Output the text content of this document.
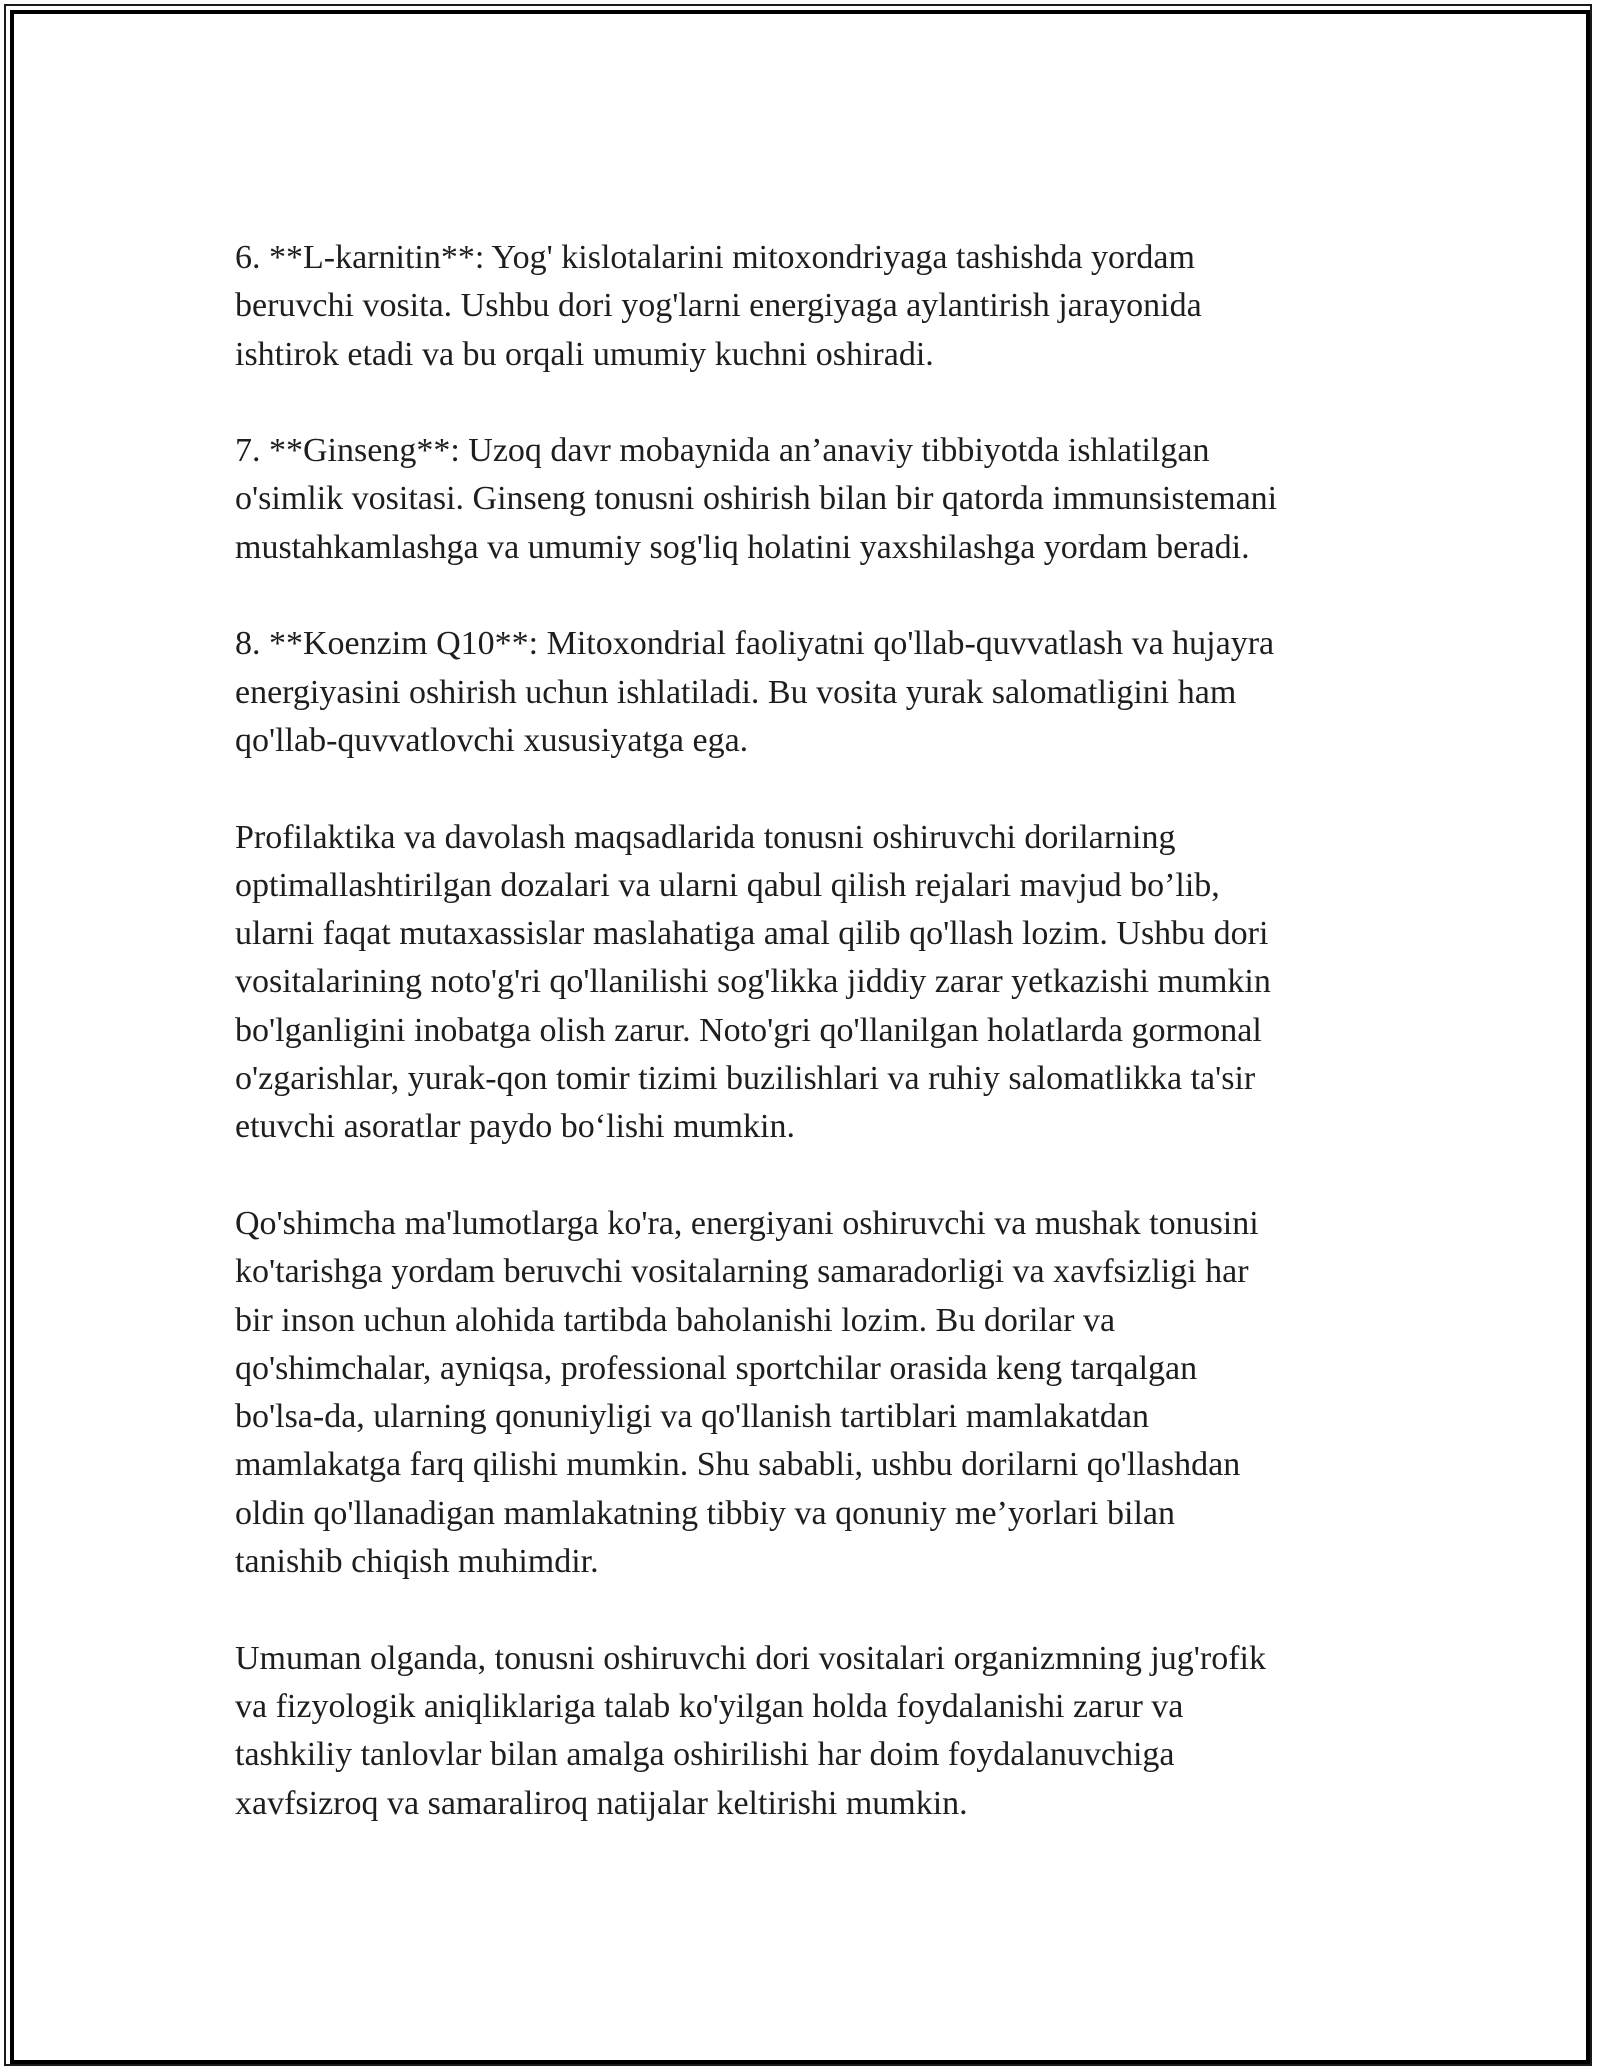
6. **L-karnitin**: Yog' kislotalarini mitoxondriyaga tashishda yordam
beruvchi vosita. Ushbu dori yog'larni energiyaga aylantirish jarayonida
ishtirok etadi va bu orqali umumiy kuchni oshiradi.

7. **Ginseng**: Uzoq davr mobaynida an’anaviy tibbiyotda ishlatilgan
o'simlik vositasi. Ginseng tonusni oshirish bilan bir qatorda immunsistemani
mustahkamlashga va umumiy sog'liq holatini yaxshilashga yordam beradi.

8. **Koenzim Q10**: Mitoxondrial faoliyatni qo'llab-quvvatlash va hujayra
energiyasini oshirish uchun ishlatiladi. Bu vosita yurak salomatligini ham
qo'llab-quvvatlovchi xususiyatga ega.

Profilaktika va davolash maqsadlarida tonusni oshiruvchi dorilarning
optimallashtirilgan dozalari va ularni qabul qilish rejalari mavjud bo’lib,
ularni faqat mutaxassislar maslahatiga amal qilib qo'llash lozim. Ushbu dori
vositalarining noto'g'ri qo'llanilishi sog'likka jiddiy zarar yetkazishi mumkin
bo'lganligini inobatga olish zarur. Noto'gri qo'llanilgan holatlarda gormonal
o'zgarishlar, yurak-qon tomir tizimi buzilishlari va ruhiy salomatlikka ta'sir
etuvchi asoratlar paydo bo‘lishi mumkin.

Qo'shimcha ma'lumotlarga ko'ra, energiyani oshiruvchi va mushak tonusini
ko'tarishga yordam beruvchi vositalarning samaradorligi va xavfsizligi har
bir inson uchun alohida tartibda baholanishi lozim. Bu dorilar va
qo'shimchalar, ayniqsa, professional sportchilar orasida keng tarqalgan
bo'lsa-da, ularning qonuniyligi va qo'llanish tartiblari mamlakatdan
mamlakatga farq qilishi mumkin. Shu sababli, ushbu dorilarni qo'llashdan
oldin qo'llanadigan mamlakatning tibbiy va qonuniy me’yorlari bilan
tanishib chiqish muhimdir.

Umuman olganda, tonusni oshiruvchi dori vositalari organizmning jug'rofik
va fizyologik aniqliklariga talab ko'yilgan holda foydalanishi zarur va
tashkiliy tanlovlar bilan amalga oshirilishi har doim foydalanuvchiga
xavfsizroq va samaraliroq natijalar keltirishi mumkin.
